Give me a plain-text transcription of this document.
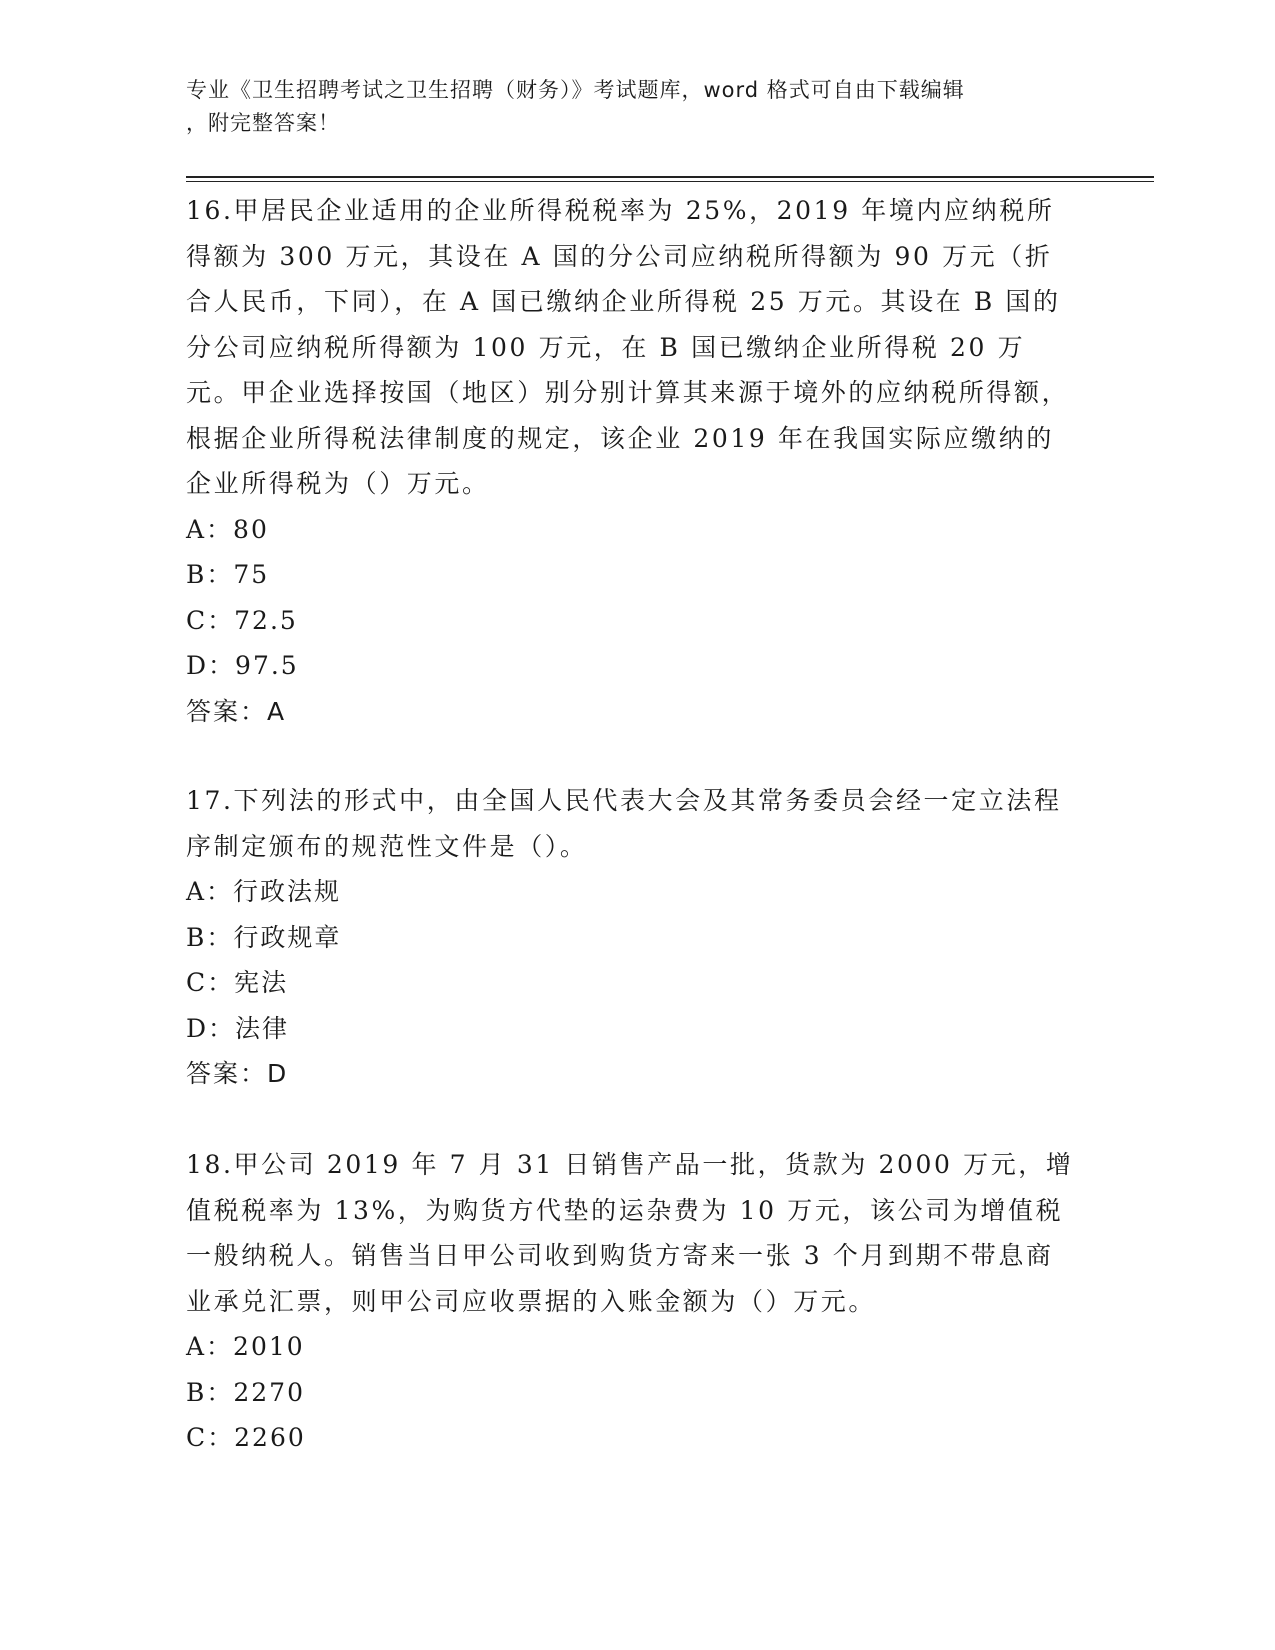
专业《卫生招聘考试之卫生招聘（财务）》考试题库，word 格式可自由下载编辑
，附完整答案！

16.甲居民企业适用的企业所得税税率为 25%，2019 年境内应纳税所得额为 300 万元，其设在 A 国的分公司应纳税所得额为 90 万元（折合人民币，下同），在 A 国已缴纳企业所得税 25 万元。其设在 B 国的分公司应纳税所得额为 100 万元，在 B 国已缴纳企业所得税 20 万元。甲企业选择按国（地区）别分别计算其来源于境外的应纳税所得额，根据企业所得税法律制度的规定，该企业 2019 年在我国实际应缴纳的企业所得税为（）万元。

A：80

B：75

C：72.5

D：97.5

答案：A

17.下列法的形式中，由全国人民代表大会及其常务委员会经一定立法程序制定颁布的规范性文件是（）。

A：行政法规

B：行政规章

C：宪法

D：法律

答案：D

18.甲公司 2019 年 7 月 31 日销售产品一批，货款为 2000 万元，增值税税率为 13%，为购货方代垫的运杂费为 10 万元，该公司为增值税一般纳税人。销售当日甲公司收到购货方寄来一张 3 个月到期不带息商业承兑汇票，则甲公司应收票据的入账金额为（）万元。

A：2010

B：2270

C：2260
